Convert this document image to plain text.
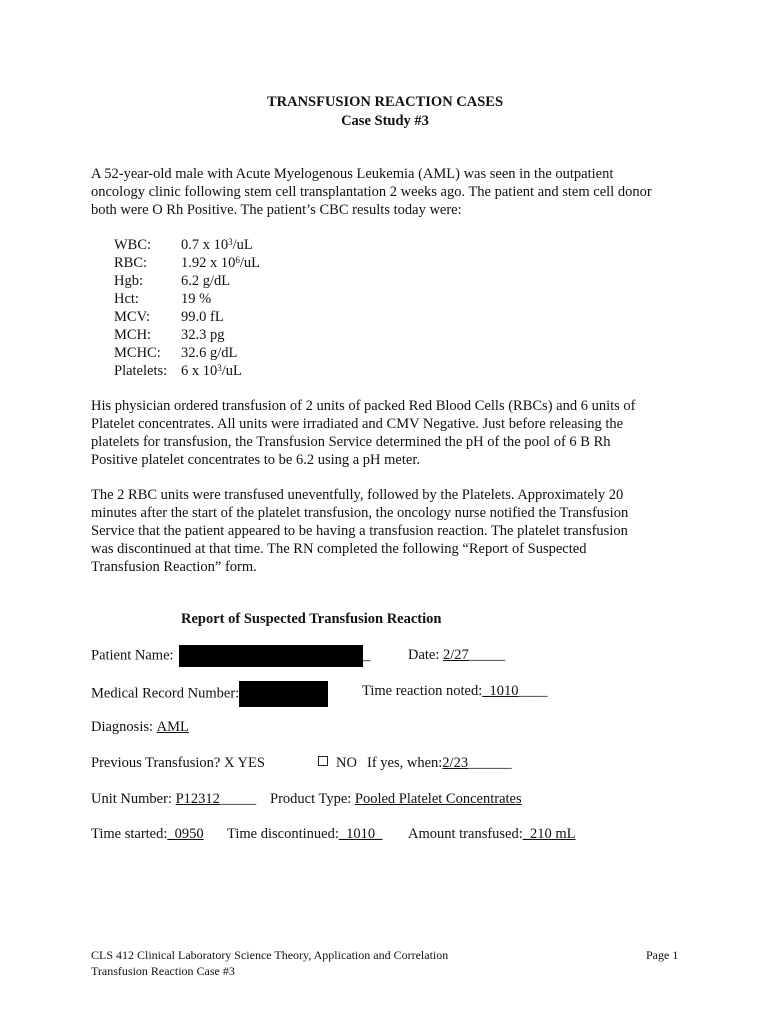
TRANSFUSION REACTION CASES
Case Study #3
A 52-year-old male with Acute Myelogenous Leukemia (AML) was seen in the outpatient
oncology clinic following stem cell transplantation 2 weeks ago. The patient and stem cell donor
both were O Rh Positive. The patient’s CBC results today were:
WBC: 0.7 x $10^3/uL$
RBC: 1.92 x $10^6/uL$
Hgb:	6.2 g/dL
Hct:	19 %
MCV: 99.0 fL
MCH: 32.3 pg
MCHC: 32.6 g/dL
Platelets: 6 x $10^3/uL$
His physician ordered transfusion of 2 units of packed Red Blood Cells (RBCs) and 6 units of
Platelet concentrates. All units were irradiated and CMV Negative. Just before releasing the
platelets for transfusion, the Transfusion Service determined the pH of the pool of 6 B Rh
Positive platelet concentrates to be 6.2 using a pH meter.
The 2 RBC units were transfused uneventfully, followed by the Platelets. Approximately 20
minutes after the start of the platelet transfusion, the oncology nurse notified the Transfusion
Service that the patient appeared to be having a transfusion reaction. The platelet transfusion
was discontinued at that time. The RN completed the following “Report of Suspected
Transfusion Reaction” form.
Report of Suspected Transfusion Reaction
Patient Name:	_	Date: 2/27_____
Medical Record Number:	Time reaction noted:_1010____
Diagnosis: AML
Previous Transfusion? X YES	NO If yes, when:2/23______
Unit Number: P12312_____ Product Type: Pooled Platelet Concentrates
Time started:_0950 Time discontinued:_1010_ Amount transfused:_210 mL
CLS 412 Clinical Laboratory Science Theory, Application and Correlation
Transfusion Reaction Case #3
Page 1
